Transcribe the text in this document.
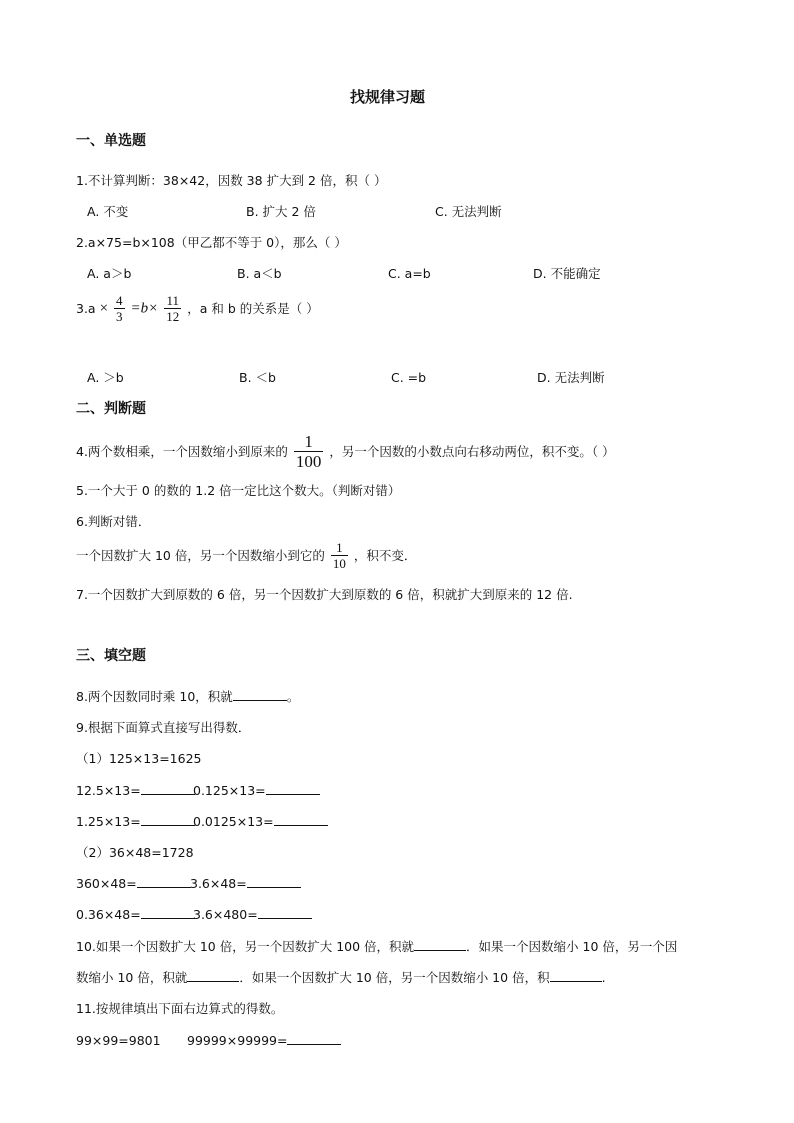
找规律习题
一、单选题
1.不计算判断：38×42，因数 38 扩大到 2 倍，积（ ）
A. 不变	B. 扩大 2 倍	C. 无法判断
2.a×75=b×108（甲乙都不等于 0），那么（ ）
A. a＞b	B. a＜b	C. a=b	D. 不能确定
$3.a \times \frac{4}{3} =b\times \frac{11}{12}$ ，a 和 b 的关系是（ ）
A. ＞b	B. ＜b	C. =b	D. 无法判断
二、判断题
4.两个数相乘，一个因数缩小到原来的 $\frac{1}{100}$ ，另一个因数的小数点向右移动两位，积不变。（ ）
5.一个大于 0 的数的 1.2 倍一定比这个数大。（判断对错）
6.判断对错．
一个因数扩大 10 倍，另一个因数缩小到它的 $\frac{1}{10}$ ，积不变．
7.一个因数扩大到原数的 6 倍，另一个因数扩大到原数的 6 倍，积就扩大到原来的 12 倍.
三、填空题
8.两个因数同时乘 10，积就	。
9.根据下面算式直接写出得数．
（1）125×13=1625
12.5×13=	0.125×13=
1.25×13=	0.0125×13=
（2）36×48=1728
360×48=	3.6×48=
0.36×48=	3.6×480=
10.如果一个因数扩大 10 倍，另一个因数扩大 100 倍，积就	．如果一个因数缩小 10 倍，另一个因
数缩小 10 倍，积就	．如果一个因数扩大 10 倍，另一个因数缩小 10 倍，积	.
11.按规律填出下面右边算式的得数。
99×99=9801 99999×99999=
